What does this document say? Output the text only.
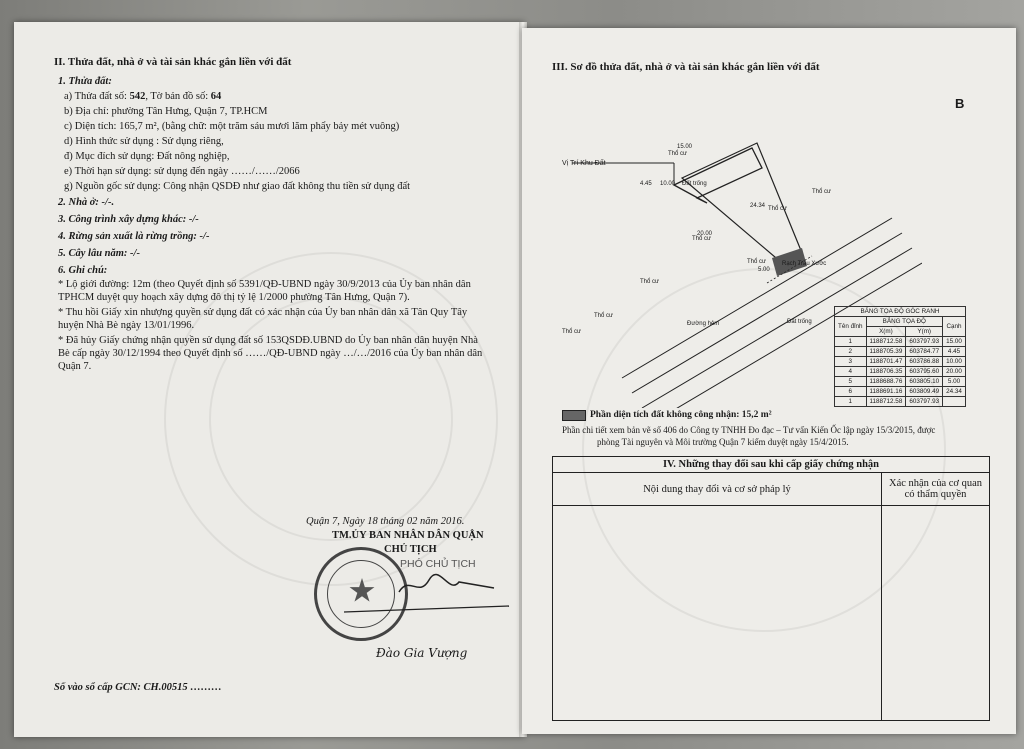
II. Thửa đất, nhà ở và tài sản khác gắn liền với đất
1. Thửa đất:
a) Thửa đất số: 542, Tờ bản đồ số: 64
b) Địa chỉ: phường Tân Hưng, Quận 7, TP.HCM
c) Diện tích: 165,7 m², (bằng chữ: một trăm sáu mươi lăm phẩy bảy mét vuông)
d) Hình thức sử dụng : Sử dụng riêng,
đ) Mục đích sử dụng: Đất nông nghiệp,
e) Thời hạn sử dụng: sử dụng đến ngày ……/……/2066
g) Nguồn gốc sử dụng: Công nhận QSDĐ như giao đất không thu tiền sử dụng đất
2. Nhà ở: -/-.
3. Công trình xây dựng khác: -/-
4. Rừng sản xuất là rừng trồng: -/-
5. Cây lâu năm: -/-
6. Ghi chú:
* Lộ giới đường: 12m (theo Quyết định số 5391/QĐ-UBND ngày 30/9/2013 của Ủy ban nhân dân
TPHCM duyệt quy hoạch xây dựng đô thị tỷ lệ 1/2000 phường Tân Hưng, Quận 7).
* Thu hồi Giấy xin nhượng quyền sử dụng đất có xác nhận của Ủy ban nhân dân xã Tân Quy Tây
huyện Nhà Bè ngày 13/01/1996.
* Đã hủy Giấy chứng nhận quyền sử dụng đất số 153QSDĐ.UBND do Ủy ban nhân dân huyện Nhà
Bè cấp ngày 30/12/1994 theo Quyết định số ……/QĐ-UBND ngày …/…/2016 của Ủy ban nhân dân
Quận 7.
Quận 7, Ngày 18 tháng 02 năm 2016.
TM.ỦY BAN NHÂN DÂN QUẬN
CHỦ TỊCH
PHÓ CHỦ TỊCH
Đào Gia Vượng
Số vào sổ cấp GCN: CH.00515 ………
III. Sơ đồ thửa đất, nhà ở và tài sản khác gắn liền với đất
B
Vị Trí Khu Đất
Thổ cư
Thổ cư
Thổ cư
Thổ cư
Thổ cư
Thổ cư
Thổ cư
Thổ cư
Đất trống
Đất trống
Đường hẻm
Rạch Trầu Xước
15.00
10.00
4.45
20.00
24.34
5.00
BẢNG TỌA ĐỘ GÓC RANH			
Tên đỉnh	BẢNG TỌA ĐỘ		Cạnh
	X(m)	Y(m)	
1	1188712.58	603797.93	15.00
2	1188705.39	603784.77	4.45
3	1188701.47	603786.88	10.00
4	1188706.35	603795.60	20.00
5	1188688.76	603805.10	5.00
6	1188691.16	603809.49	24.34
1	1188712.58	603797.93	
Phần diện tích đất không công nhận: 15,2 m²
Phần chi tiết xem bản vẽ số 406 do Công ty TNHH Đo đạc – Tư vấn Kiến Ốc lập ngày 15/3/2015, được
phòng Tài nguyên và Môi trường Quận 7 kiểm duyệt ngày 15/4/2015.
IV. Những thay đổi sau khi cấp giấy chứng nhận	
Nội dung thay đổi và cơ sở pháp lý	Xác nhận của cơ quan có thẩm quyền
